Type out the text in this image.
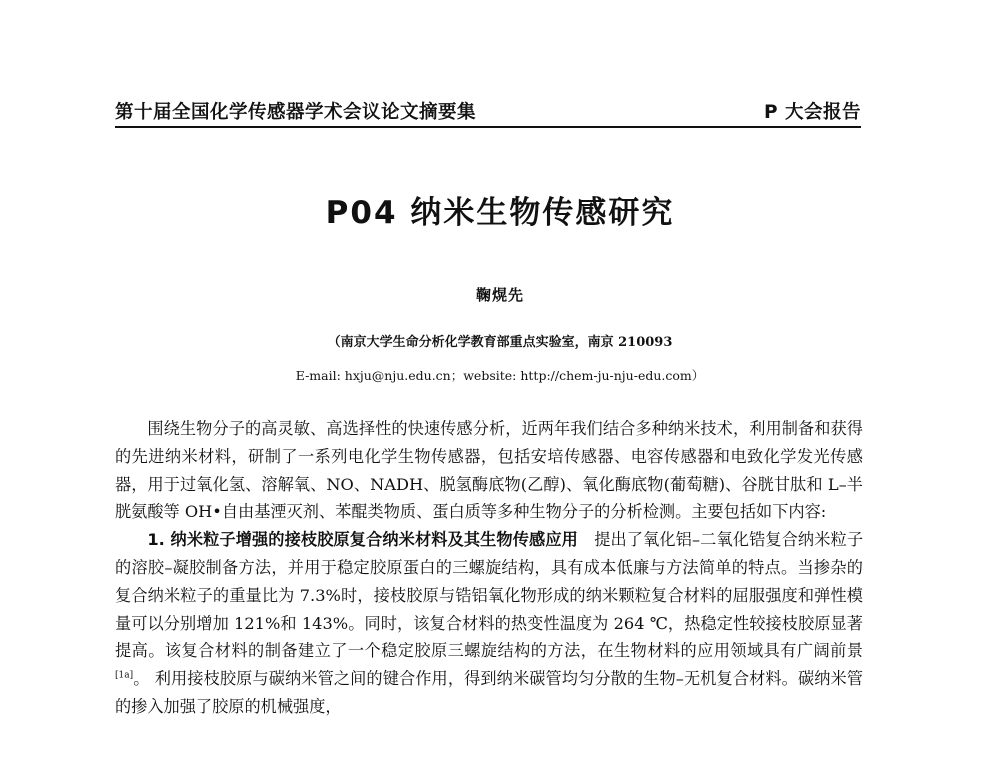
第十届全国化学传感器学术会议论文摘要集	P 大会报告
P04 纳米生物传感研究
鞠熀先
（南京大学生命分析化学教育部重点实验室，南京 210093
E-mail: hxju@nju.edu.cn；website: http://chem-ju-nju-edu.com）

围绕生物分子的高灵敏、高选择性的快速传感分析，近两年我们结合多种纳米技术，利用制备和获得的先进纳米材料，研制了一系列电化学生物传感器，包括安培传感器、电容传感器和电致化学发光传感器，用于过氧化氢、溶解氧、NO、NADH、脱氢酶底物(乙醇)、氧化酶底物(葡萄糖)、谷胱甘肽和 L–半胱氨酸等 OH•自由基湮灭剂、苯醌类物质、蛋白质等多种生物分子的分析检测。主要包括如下内容:

1. 纳米粒子增强的接枝胶原复合纳米材料及其生物传感应用　 提出了氧化铝–二氧化锆复合纳米粒子的溶胶–凝胶制备方法，并用于稳定胶原蛋白的三螺旋结构，具有成本低廉与方法简单的特点。当掺杂的复合纳米粒子的重量比为 7.3%时，接枝胶原与锆铝氧化物形成的纳米颗粒复合材料的屈服强度和弹性模量可以分别增加 121%和 143%。同时，该复合材料的热变性温度为 264 ℃，热稳定性较接枝胶原显著提高。该复合材料的制备建立了一个稳定胶原三螺旋结构的方法，在生物材料的应用领域具有广阔前景[1a]。 利用接枝胶原与碳纳米管之间的键合作用，得到纳米碳管均匀分散的生物–无机复合材料。碳纳米管的掺入加强了胶原的机械强度，
